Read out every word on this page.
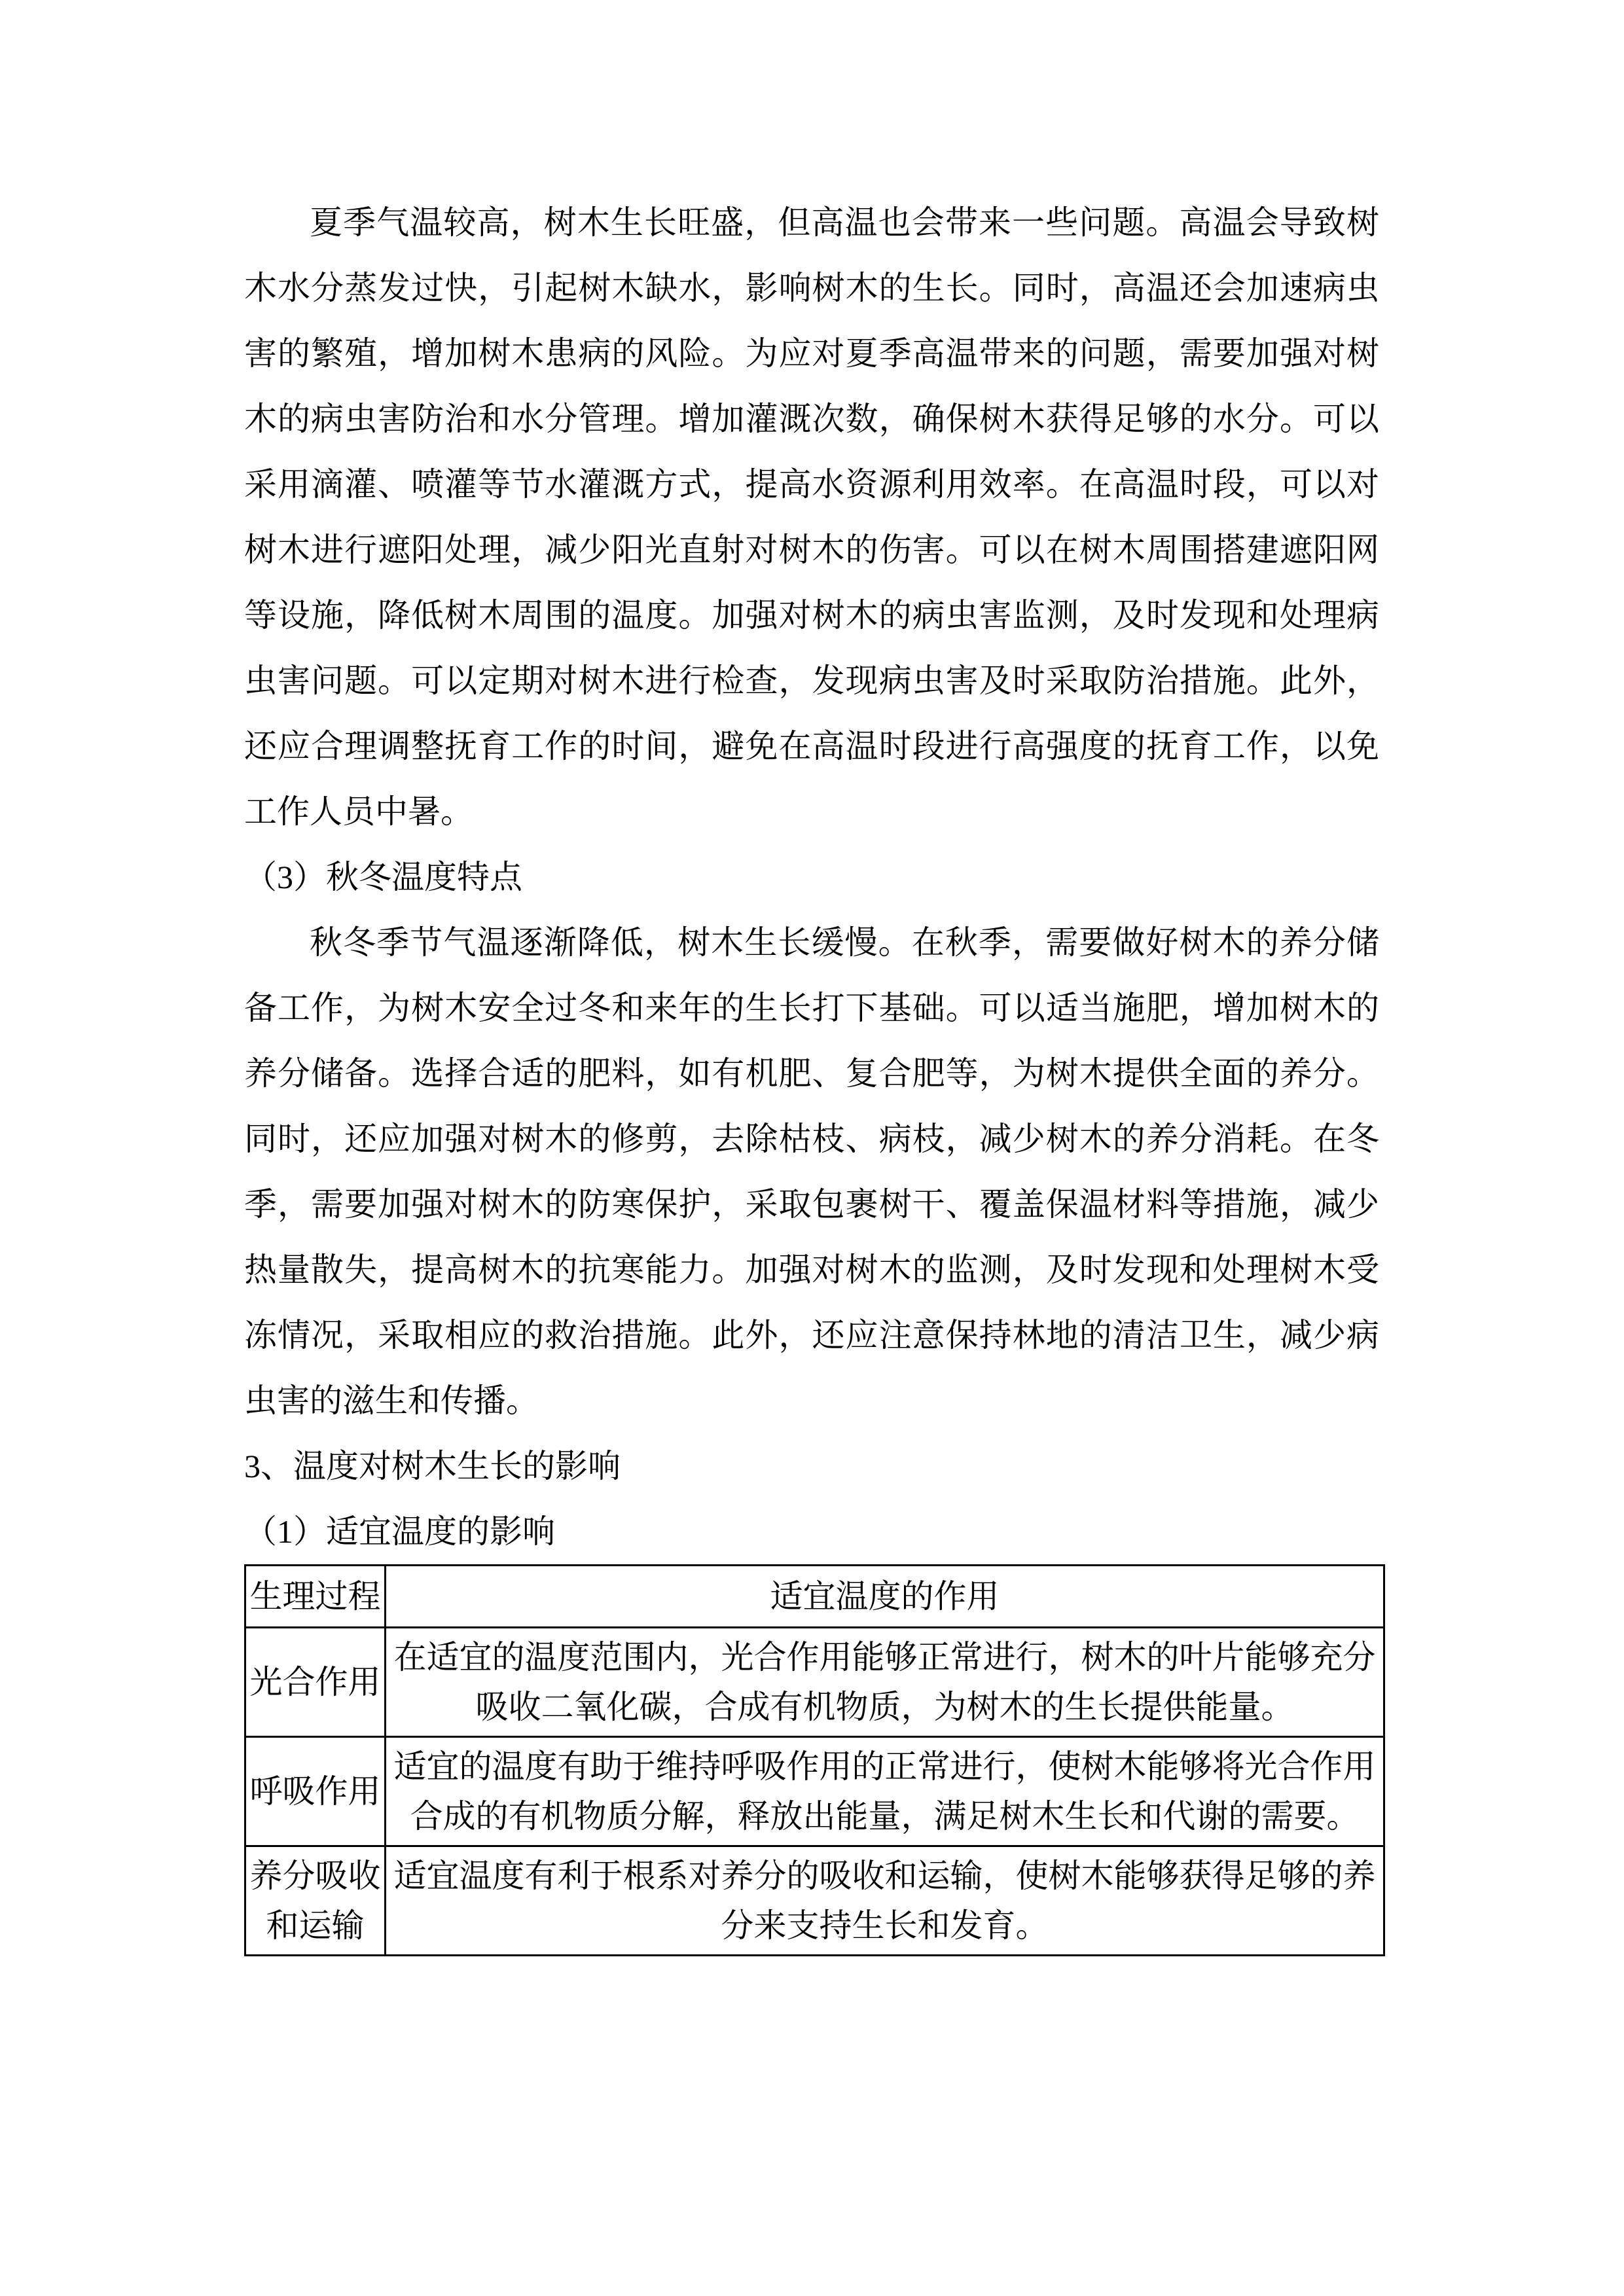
夏季气温较高，树木生长旺盛，但高温也会带来一些问题。高温会导致树木水分蒸发过快，引起树木缺水，影响树木的生长。同时，高温还会加速病虫害的繁殖，增加树木患病的风险。为应对夏季高温带来的问题，需要加强对树木的病虫害防治和水分管理。增加灌溉次数，确保树木获得足够的水分。可以采用滴灌、喷灌等节水灌溉方式，提高水资源利用效率。在高温时段，可以对树木进行遮阳处理，减少阳光直射对树木的伤害。可以在树木周围搭建遮阳网等设施，降低树木周围的温度。加强对树木的病虫害监测，及时发现和处理病虫害问题。可以定期对树木进行检查，发现病虫害及时采取防治措施。此外，还应合理调整抚育工作的时间，避免在高温时段进行高强度的抚育工作，以免工作人员中暑。

（3）秋冬温度特点

秋冬季节气温逐渐降低，树木生长缓慢。在秋季，需要做好树木的养分储备工作，为树木安全过冬和来年的生长打下基础。可以适当施肥，增加树木的养分储备。选择合适的肥料，如有机肥、复合肥等，为树木提供全面的养分。同时，还应加强对树木的修剪，去除枯枝、病枝，减少树木的养分消耗。在冬季，需要加强对树木的防寒保护，采取包裹树干、覆盖保温材料等措施，减少热量散失，提高树木的抗寒能力。加强对树木的监测，及时发现和处理树木受冻情况，采取相应的救治措施。此外，还应注意保持林地的清洁卫生，减少病虫害的滋生和传播。

3、温度对树木生长的影响

（1）适宜温度的影响

生理过程	适宜温度的作用
光合作用	在适宜的温度范围内，光合作用能够正常进行，树木的叶片能够充分吸收二氧化碳，合成有机物质，为树木的生长提供能量。
呼吸作用	适宜的温度有助于维持呼吸作用的正常进行，使树木能够将光合作用合成的有机物质分解，释放出能量，满足树木生长和代谢的需要。
养分吸收和运输	适宜温度有利于根系对养分的吸收和运输，使树木能够获得足够的养分来支持生长和发育。
